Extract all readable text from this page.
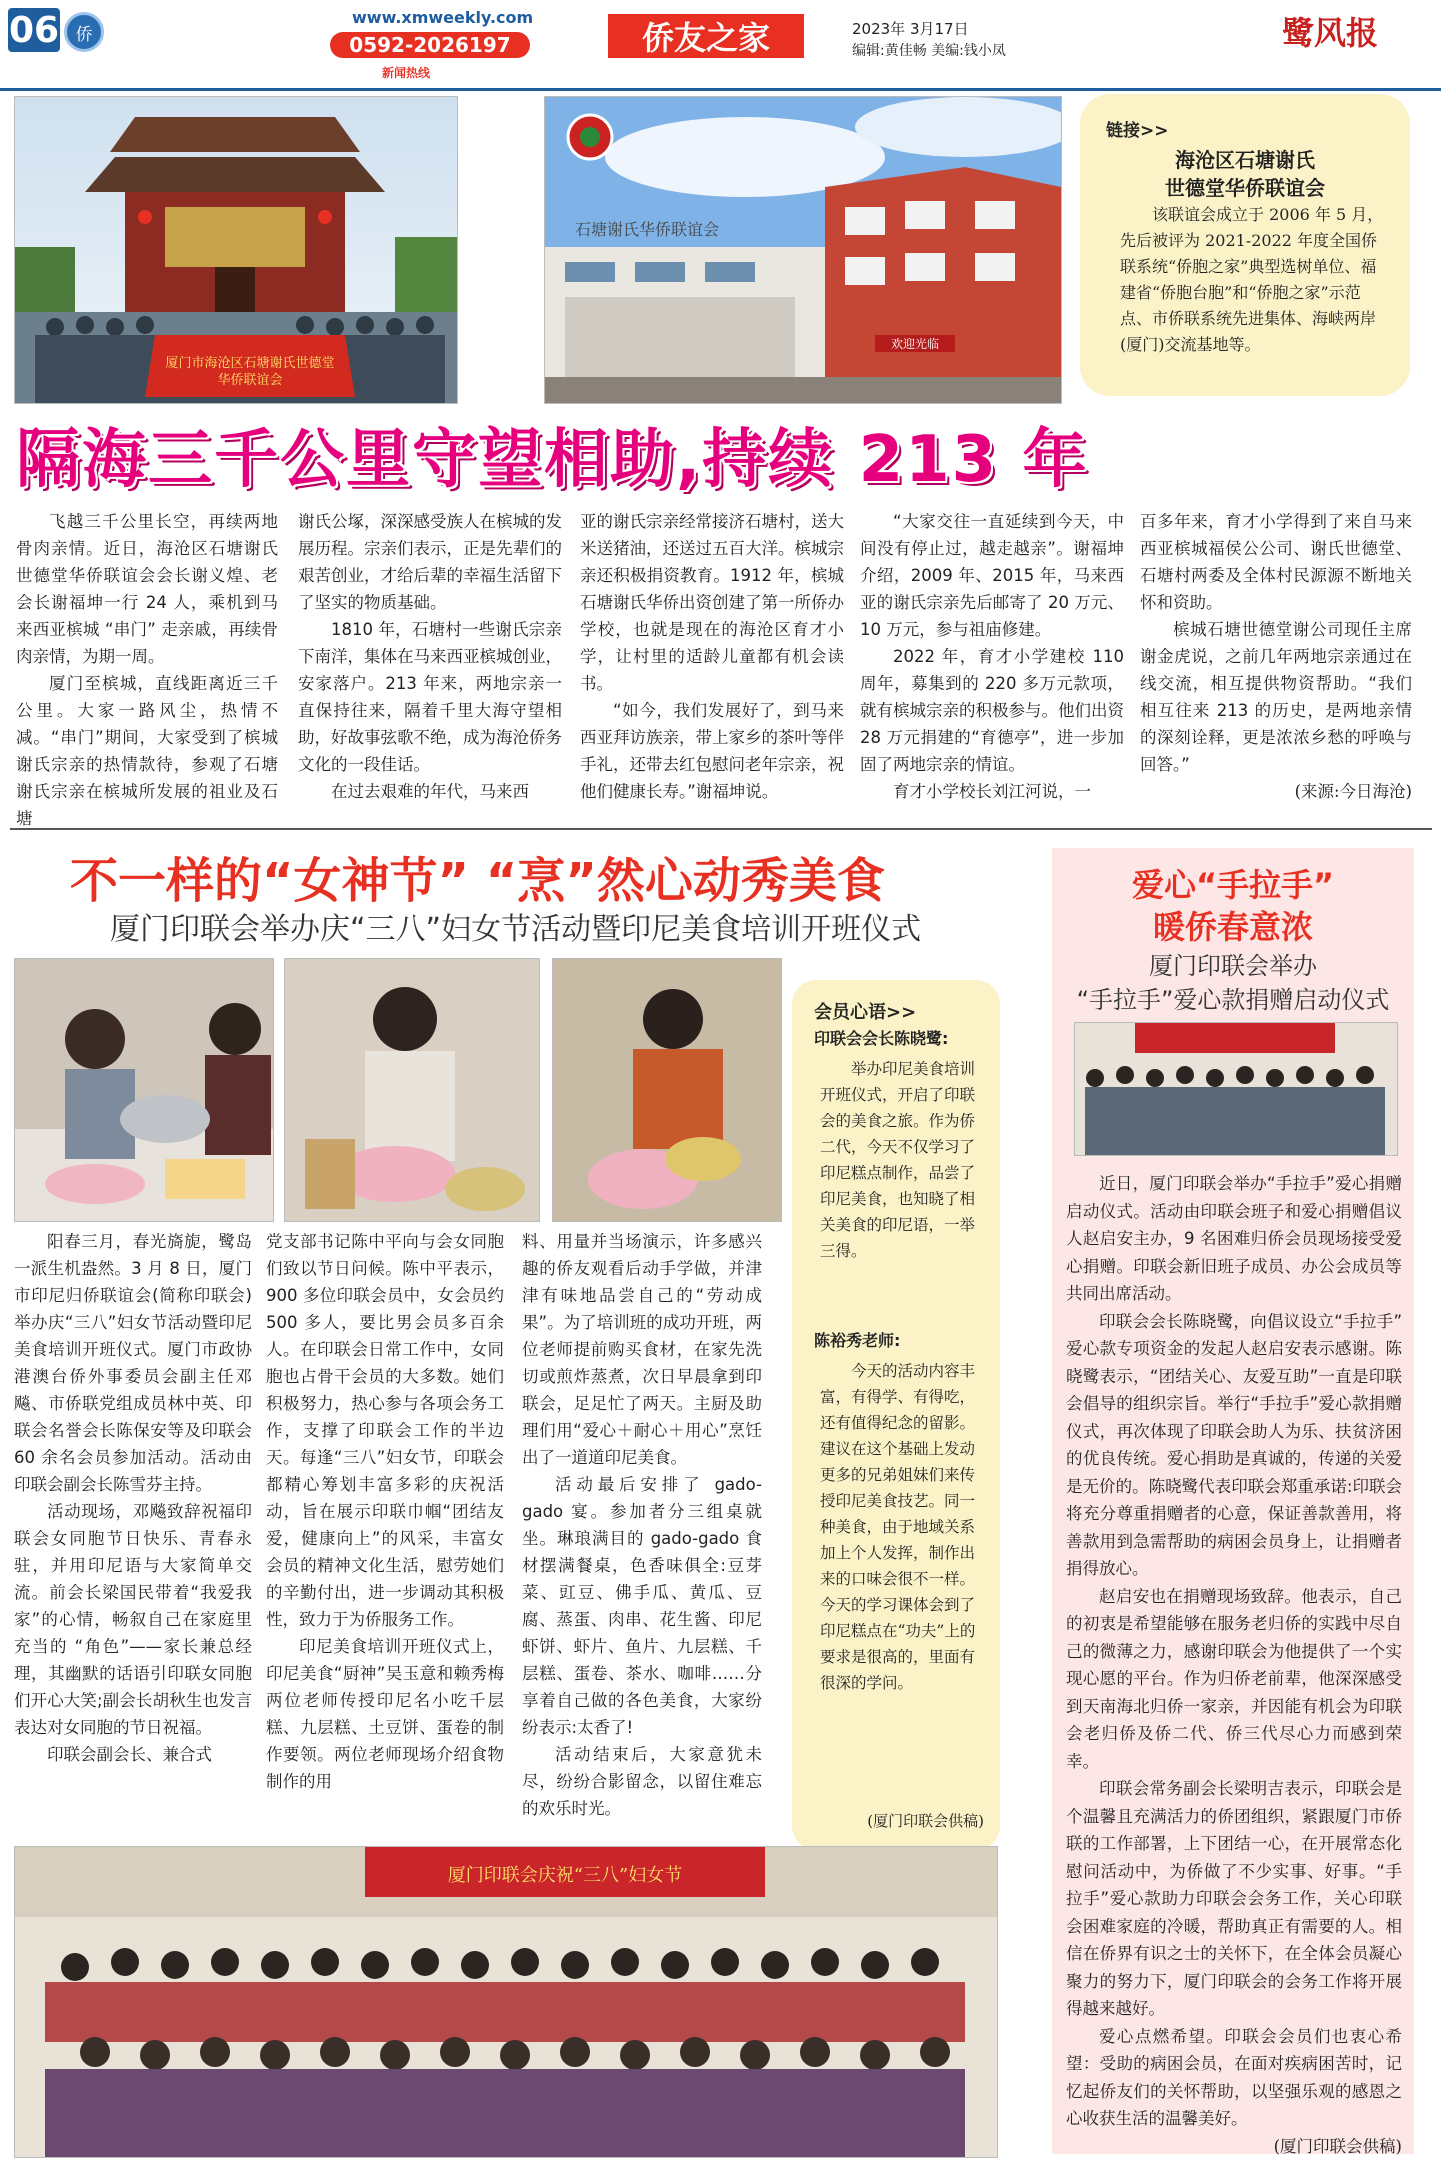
06 侨
www.xmweekly.com
0592-2026197
新闻热线
侨友之家	2023年 3月17日
编辑:黄佳畅 美编:钱小凤	鹭风报
厦门市海沧区石塘谢氏世德堂华侨联谊会
石塘谢氏华侨联谊会
欢迎光临
链接>>
海沧区石塘谢氏
世德堂华侨联谊会
该联谊会成立于 2006 年 5 月，先后被评为 2021-2022 年度全国侨联系统“侨胞之家”典型选树单位、福建省“侨胞台胞”和“侨胞之家”示范点、市侨联系统先进集体、海峡两岸(厦门)交流基地等。
隔海三千公里守望相助,持续 213 年

飞越三千公里长空，再续两地骨肉亲情。近日，海沧区石塘谢氏世德堂华侨联谊会会长谢义煌、老会长谢福坤一行 24 人，乘机到马来西亚槟城 “串门” 走亲戚，再续骨肉亲情，为期一周。

厦门至槟城，直线距离近三千公里。大家一路风尘，热情不减。“串门”期间，大家受到了槟城谢氏宗亲的热情款待，参观了石塘谢氏宗亲在槟城所发展的祖业及石塘

谢氏公塚，深深感受族人在槟城的发展历程。宗亲们表示，正是先辈们的艰苦创业，才给后辈的幸福生活留下了坚实的物质基础。

1810 年，石塘村一些谢氏宗亲下南洋，集体在马来西亚槟城创业，安家落户。213 年来，两地宗亲一直保持往来，隔着千里大海守望相助，好故事弦歌不绝，成为海沧侨务文化的一段佳话。

在过去艰难的年代，马来西

亚的谢氏宗亲经常接济石塘村，送大米送猪油，还送过五百大洋。槟城宗亲还积极捐资教育。1912 年，槟城石塘谢氏华侨出资创建了第一所侨办学校，也就是现在的海沧区育才小学，让村里的适龄儿童都有机会读书。

“如今，我们发展好了，到马来西亚拜访族亲，带上家乡的茶叶等伴手礼，还带去红包慰问老年宗亲，祝他们健康长寿。”谢福坤说。

“大家交往一直延续到今天，中间没有停止过，越走越亲”。谢福坤介绍，2009 年、2015 年，马来西亚的谢氏宗亲先后邮寄了 20 万元、10 万元，参与祖庙修建。

2022 年，育才小学建校 110 周年，募集到的 220 多万元款项，就有槟城宗亲的积极参与。他们出资 28 万元捐建的“育德亭”，进一步加固了两地宗亲的情谊。

育才小学校长刘江河说，一

百多年来，育才小学得到了来自马来西亚槟城福侯公公司、谢氏世德堂、石塘村两委及全体村民源源不断地关怀和资助。

槟城石塘世德堂谢公司现任主席谢金虎说，之前几年两地宗亲通过在线交流，相互提供物资帮助。“我们相互往来 213 的历史，是两地亲情的深刻诠释，更是浓浓乡愁的呼唤与回答。”

(来源:今日海沧)
不一样的“女神节” “烹”然心动秀美食
厦门印联会举办庆“三八”妇女节活动暨印尼美食培训开班仪式
会员心语>>
印联会会长陈晓鹭:
举办印尼美食培训开班仪式，开启了印联会的美食之旅。作为侨二代，今天不仅学习了印尼糕点制作，品尝了印尼美食，也知晓了相关美食的印尼语，一举三得。
陈裕秀老师:
今天的活动内容丰富，有得学、有得吃，还有值得纪念的留影。建议在这个基础上发动更多的兄弟姐妹们来传授印尼美食技艺。同一种美食，由于地域关系加上个人发挥，制作出来的口味会很不一样。今天的学习课体会到了印尼糕点在“功夫”上的要求是很高的，里面有很深的学问。
(厦门印联会供稿)

阳春三月，春光旖旎，鹭岛一派生机盎然。3 月 8 日，厦门市印尼归侨联谊会(简称印联会)举办庆“三八”妇女节活动暨印尼美食培训开班仪式。厦门市政协港澳台侨外事委员会副主任邓飚、市侨联党组成员林中英、印联会名誉会长陈保安等及印联会 60 余名会员参加活动。活动由印联会副会长陈雪芬主持。

活动现场，邓飚致辞祝福印联会女同胞节日快乐、青春永驻，并用印尼语与大家简单交流。前会长梁国民带着“我爱我家”的心情，畅叙自己在家庭里充当的 “角色”——家长兼总经理，其幽默的话语引印联女同胞们开心大笑;副会长胡秋生也发言表达对女同胞的节日祝福。

印联会副会长、兼合式

党支部书记陈中平向与会女同胞们致以节日问候。陈中平表示，900 多位印联会员中，女会员约 500 多人，要比男会员多百余人。在印联会日常工作中，女同胞也占骨干会员的大多数。她们积极努力，热心参与各项会务工作，支撑了印联会工作的半边天。每逢“三八”妇女节，印联会都精心筹划丰富多彩的庆祝活动，旨在展示印联巾帼“团结友爱，健康向上”的风采，丰富女会员的精神文化生活，慰劳她们的辛勤付出，进一步调动其积极性，致力于为侨服务工作。

印尼美食培训开班仪式上，印尼美食“厨神”吴玉意和赖秀梅两位老师传授印尼名小吃千层糕、九层糕、土豆饼、蛋卷的制作要领。两位老师现场介绍食物制作的用

料、用量并当场演示，许多感兴趣的侨友观看后动手学做，并津津有味地品尝自己的“劳动成果”。为了培训班的成功开班，两位老师提前购买食材，在家先洗切或煎炸蒸煮，次日早晨拿到印联会，足足忙了两天。主厨及助理们用“爱心＋耐心＋用心”烹饪出了一道道印尼美食。

活动最后安排了 gado-gado 宴。参加者分三组桌就坐。琳琅满目的 gado-gado 食材摆满餐桌，色香味俱全:豆芽菜、豇豆、佛手瓜、黄瓜、豆腐、蒸蛋、肉串、花生酱、印尼虾饼、虾片、鱼片、九层糕、千层糕、蛋卷、茶水、咖啡……分享着自己做的各色美食，大家纷纷表示:太香了!

活动结束后，大家意犹未尽，纷纷合影留念，以留住难忘的欢乐时光。

厦门印联会庆祝“三八”妇女节
爱心“手拉手”
暖侨春意浓
厦门印联会举办
“手拉手”爱心款捐赠启动仪式

近日，厦门印联会举办“手拉手”爱心捐赠启动仪式。活动由印联会班子和爱心捐赠倡议人赵启安主办，9 名困难归侨会员现场接受爱心捐赠。印联会新旧班子成员、办公会成员等共同出席活动。

印联会会长陈晓鹭，向倡议设立“手拉手” 爱心款专项资金的发起人赵启安表示感谢。陈晓鹭表示，“团结关心、友爱互助”一直是印联会倡导的组织宗旨。举行“手拉手”爱心款捐赠仪式，再次体现了印联会助人为乐、扶贫济困的优良传统。爱心捐助是真诚的，传递的关爱是无价的。陈晓鹭代表印联会郑重承诺:印联会将充分尊重捐赠者的心意，保证善款善用，将善款用到急需帮助的病困会员身上，让捐赠者捐得放心。

赵启安也在捐赠现场致辞。他表示，自己的初衷是希望能够在服务老归侨的实践中尽自己的微薄之力，感谢印联会为他提供了一个实现心愿的平台。作为归侨老前辈，他深深感受到天南海北归侨一家亲，并因能有机会为印联会老归侨及侨二代、侨三代尽心力而感到荣幸。

印联会常务副会长梁明吉表示，印联会是个温馨且充满活力的侨团组织，紧跟厦门市侨联的工作部署，上下团结一心，在开展常态化慰问活动中，为侨做了不少实事、好事。“手拉手”爱心款助力印联会会务工作，关心印联会困难家庭的冷暖，帮助真正有需要的人。相信在侨界有识之士的关怀下，在全体会员凝心聚力的努力下，厦门印联会的会务工作将开展得越来越好。

爱心点燃希望。印联会会员们也衷心希望：受助的病困会员，在面对疾病困苦时，记忆起侨友们的关怀帮助，以坚强乐观的感恩之心收获生活的温馨美好。

(厦门印联会供稿)
